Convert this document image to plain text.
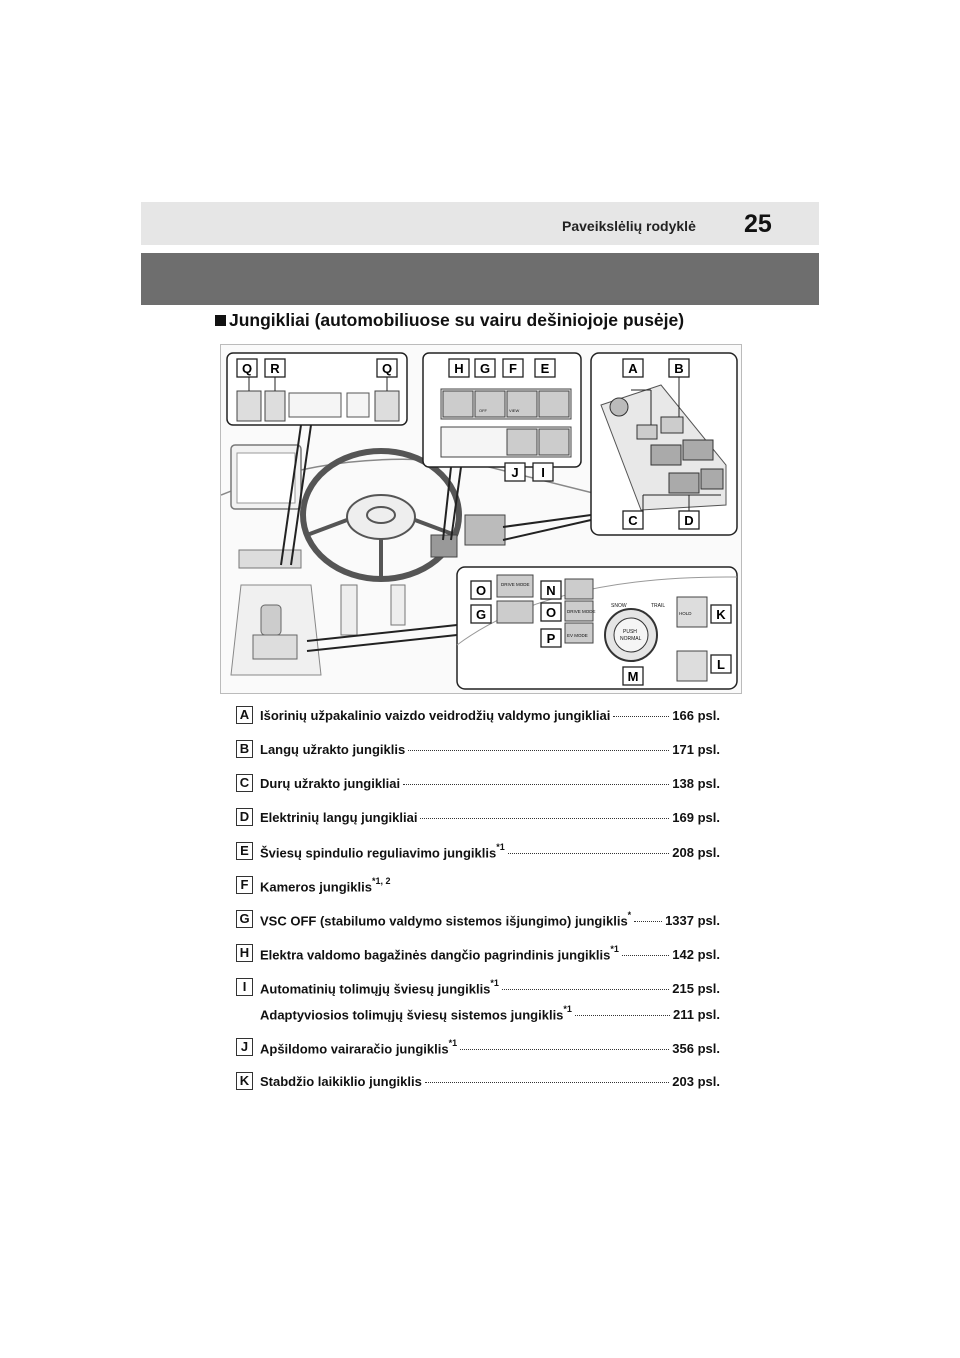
Paveikslėlių rodyklė 25
Jungikliai (automobiliuose su vairu dešiniojoje pusėje)
OFF	VIEW
DRIVE MODE
DRIVE MODE
EV MODE
SNOW	TRAIL
PUSH
NORMAL
HOLD
Q R	Q	H G F E	A	B
J I
C	D
O	N
G	O
P
M
K
L
A Išorinių užpakalinio vaizdo veidrodžių valdymo jungikliai	166 psl.
B Langų užrakto jungiklis	171 psl.
C Durų užrakto jungikliai	138 psl.
D Elektrinių langų jungikliai	169 psl.
E Šviesų spindulio reguliavimo jungiklis$^{*1}$	208 psl.
F Kameros jungiklis$^{*1, 2}$
G VSC OFF (stabilumo valdymo sistemos išjungimo) jungiklis*	1337 psl.
H Elektra valdomo bagažinės dangčio pagrindinis jungiklis$^{*1}$	142 psl.
I	Automatinių tolimųjų šviesų jungiklis$^{*1}$	215 psl.
Adaptyviosios tolimųjų šviesų sistemos jungiklis$^{*1}$	211 psl.
J Apšildomo vairaračio jungiklis$^{*1}$	356 psl.
K Stabdžio laikiklio jungiklis	203 psl.
